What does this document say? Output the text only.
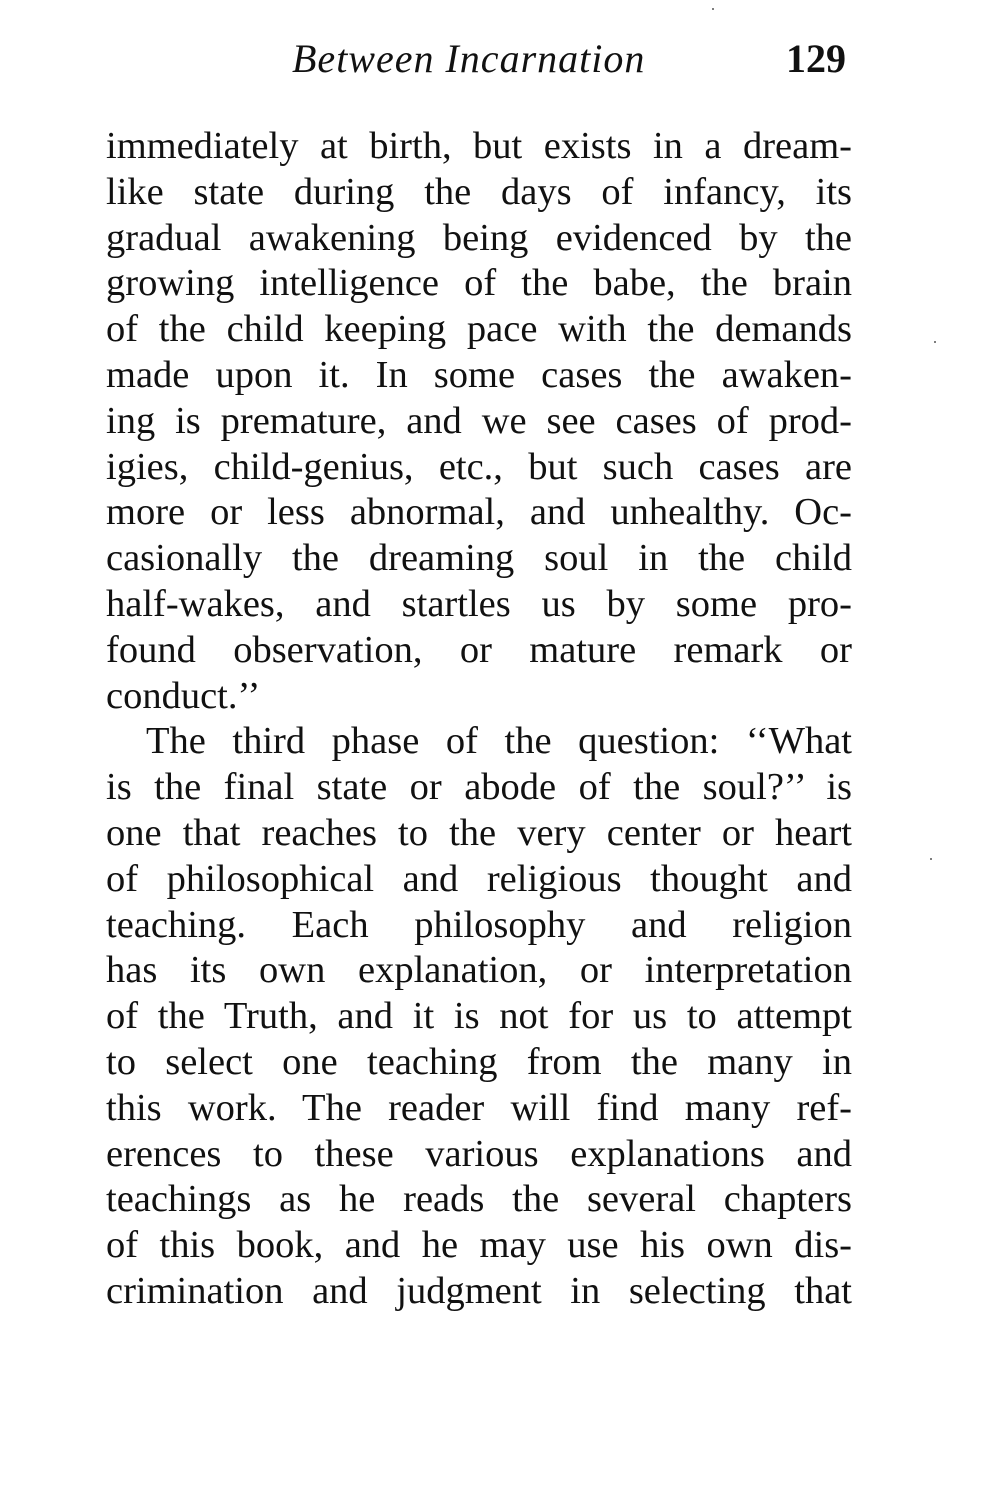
Between Incarnation	129
immediately at birth, but exists in a dream-
like state during the days of infancy, its
gradual awakening being evidenced by the
growing intelligence of the babe, the brain
of the child keeping pace with the demands
made upon it. In some cases the awaken-
ing is premature, and we see cases of prod-
igies, child-genius, etc., but such cases are
more or less abnormal, and unhealthy. Oc-
casionally the dreaming soul in the child
half-wakes, and startles us by some pro-
found observation, or mature remark or
conduct.’’
The third phase of the question: ‘‘What
is the final state or abode of the soul?’’ is
one that reaches to the very center or heart
of philosophical and religious thought and
teaching. Each philosophy and religion
has its own explanation, or interpretation
of the Truth, and it is not for us to attempt
to select one teaching from the many in
this work. The reader will find many ref-
erences to these various explanations and
teachings as he reads the several chapters
of this book, and he may use his own dis-
crimination and judgment in selecting that
